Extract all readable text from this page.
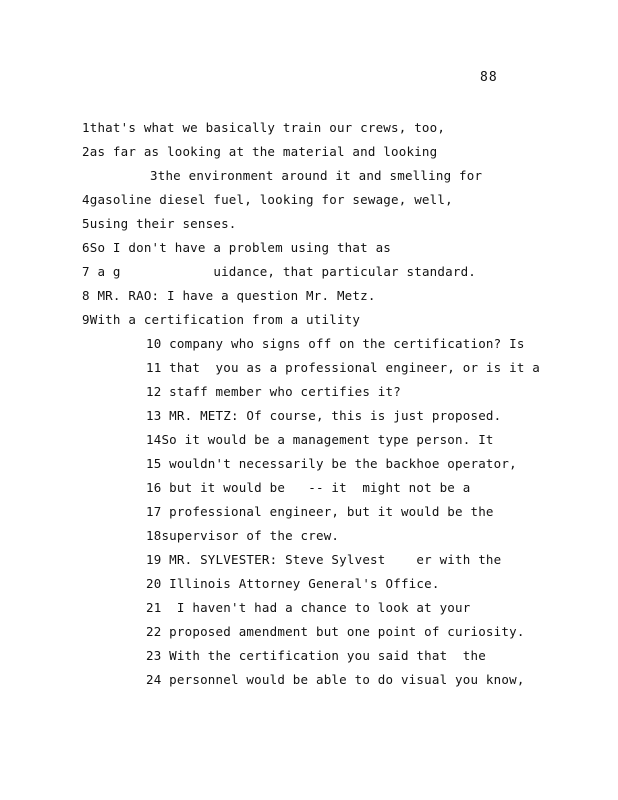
88
1that's what we basically train our crews, too,
2as far as looking at the material and looking
3the environment around it and smelling for
4gasoline diesel fuel, looking for sewage, well,
5using their senses.
6So I don't have a problem using that as
7 a g            uidance, that particular standard.
8 MR. RAO: I have a question Mr. Metz.
9With a certification from a utility
10 company who signs off on the certification? Is
11 that  you as a professional engineer, or is it a
12 staff member who certifies it?
13 MR. METZ: Of course, this is just proposed.
14So it would be a management type person. It
15 wouldn't necessarily be the backhoe operator,
16 but it would be   -- it  might not be a
17 professional engineer, but it would be the
18supervisor of the crew.
19 MR. SYLVESTER: Steve Sylvest    er with the
20 Illinois Attorney General's Office.
21  I haven't had a chance to look at your
22 proposed amendment but one point of curiosity.
23 With the certification you said that  the
24 personnel would be able to do visual you know,
